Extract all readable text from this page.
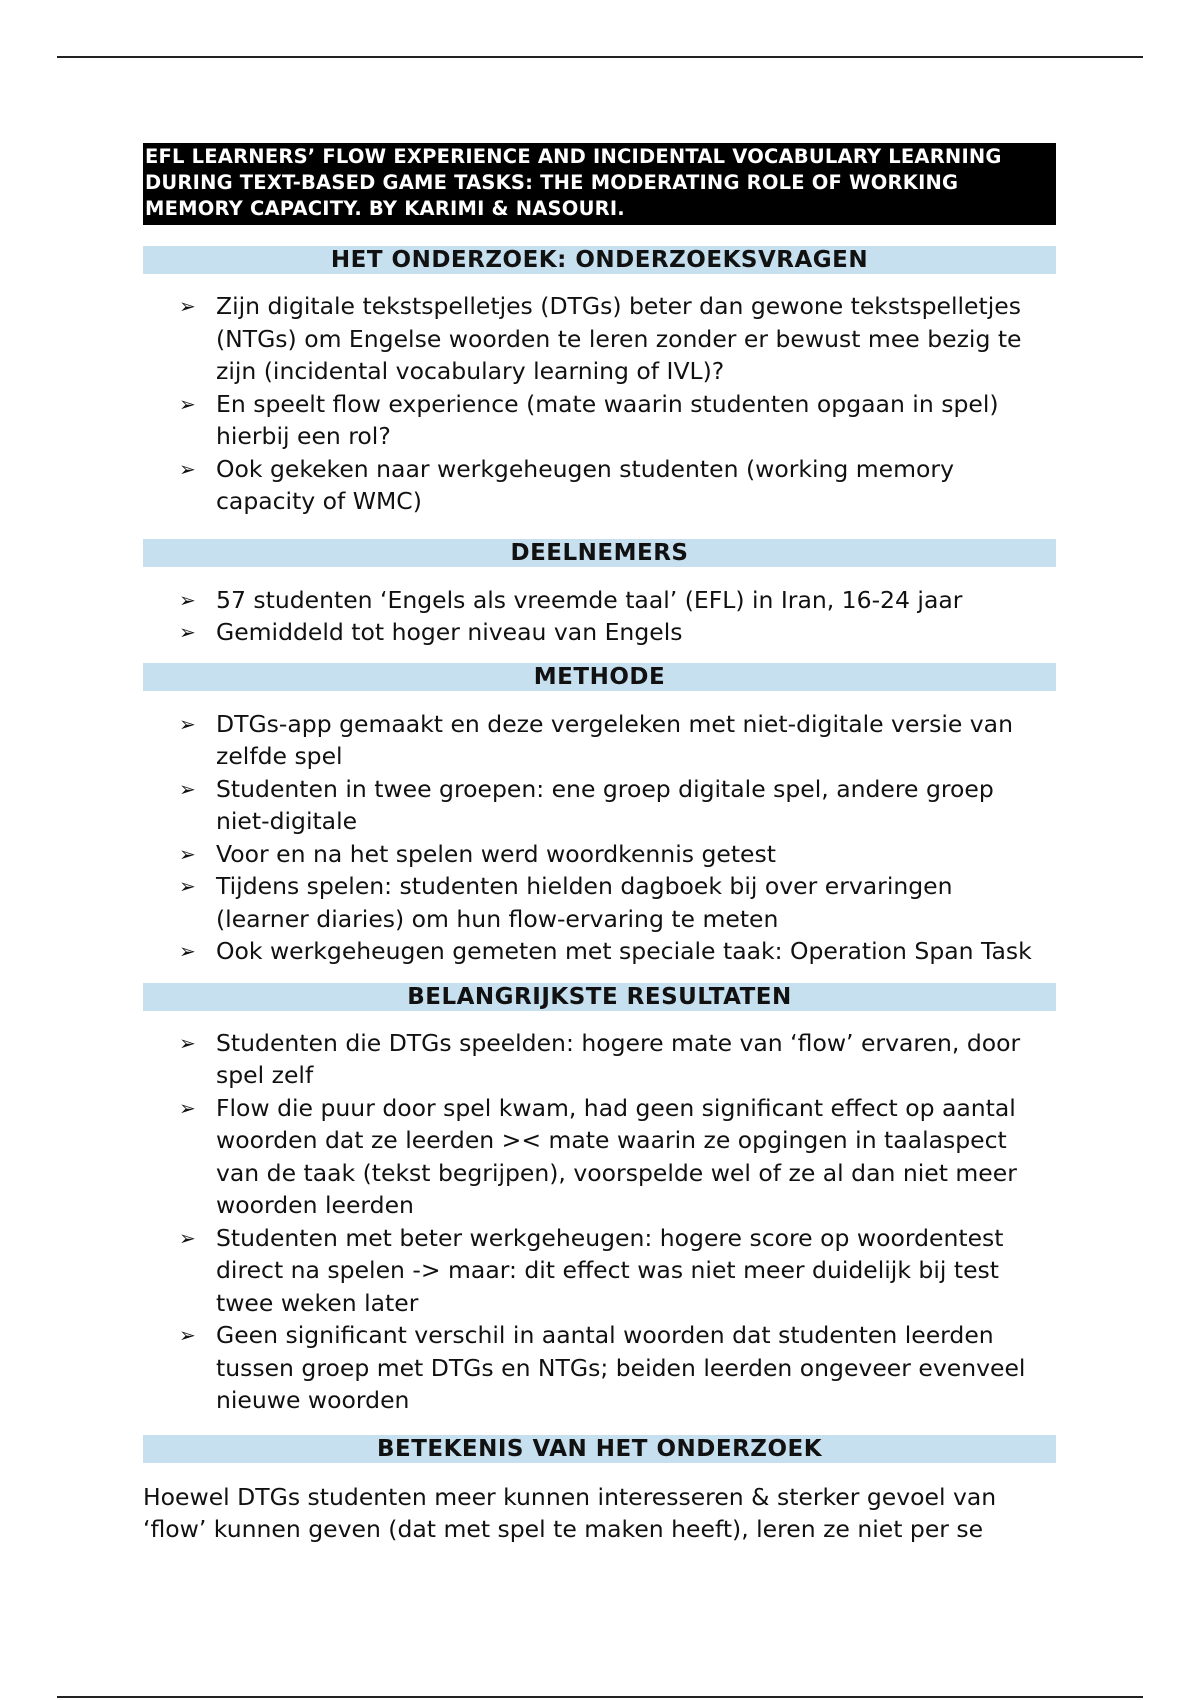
EFL LEARNERS’ FLOW EXPERIENCE AND INCIDENTAL VOCABULARY LEARNING
DURING TEXT-BASED GAME TASKS: THE MODERATING ROLE OF WORKING
MEMORY CAPACITY. BY KARIMI & NASOURI.
HET ONDERZOEK: ONDERZOEKSVRAGEN
➢ Zijn digitale tekstspelletjes (DTGs) beter dan gewone tekstspelletjes
(NTGs) om Engelse woorden te leren zonder er bewust mee bezig te
zijn (incidental vocabulary learning of IVL)?
➢ En speelt flow experience (mate waarin studenten opgaan in spel)
hierbij een rol?
➢ Ook gekeken naar werkgeheugen studenten (working memory
capacity of WMC)
DEELNEMERS
➢ 57 studenten ‘Engels als vreemde taal’ (EFL) in Iran, 16-24 jaar
➢ Gemiddeld tot hoger niveau van Engels
METHODE
➢ DTGs-app gemaakt en deze vergeleken met niet-digitale versie van
zelfde spel
➢ Studenten in twee groepen: ene groep digitale spel, andere groep
niet-digitale
➢ Voor en na het spelen werd woordkennis getest
➢ Tijdens spelen: studenten hielden dagboek bij over ervaringen
(learner diaries) om hun flow-ervaring te meten
➢ Ook werkgeheugen gemeten met speciale taak: Operation Span Task
BELANGRIJKSTE RESULTATEN
➢ Studenten die DTGs speelden: hogere mate van ‘flow’ ervaren, door
spel zelf
➢ Flow die puur door spel kwam, had geen significant effect op aantal
woorden dat ze leerden >< mate waarin ze opgingen in taalaspect
van de taak (tekst begrijpen), voorspelde wel of ze al dan niet meer
woorden leerden
➢ Studenten met beter werkgeheugen: hogere score op woordentest
direct na spelen -> maar: dit effect was niet meer duidelijk bij test
twee weken later
➢ Geen significant verschil in aantal woorden dat studenten leerden
tussen groep met DTGs en NTGs; beiden leerden ongeveer evenveel
nieuwe woorden
BETEKENIS VAN HET ONDERZOEK
Hoewel DTGs studenten meer kunnen interesseren & sterker gevoel van
‘flow’ kunnen geven (dat met spel te maken heeft), leren ze niet per se
